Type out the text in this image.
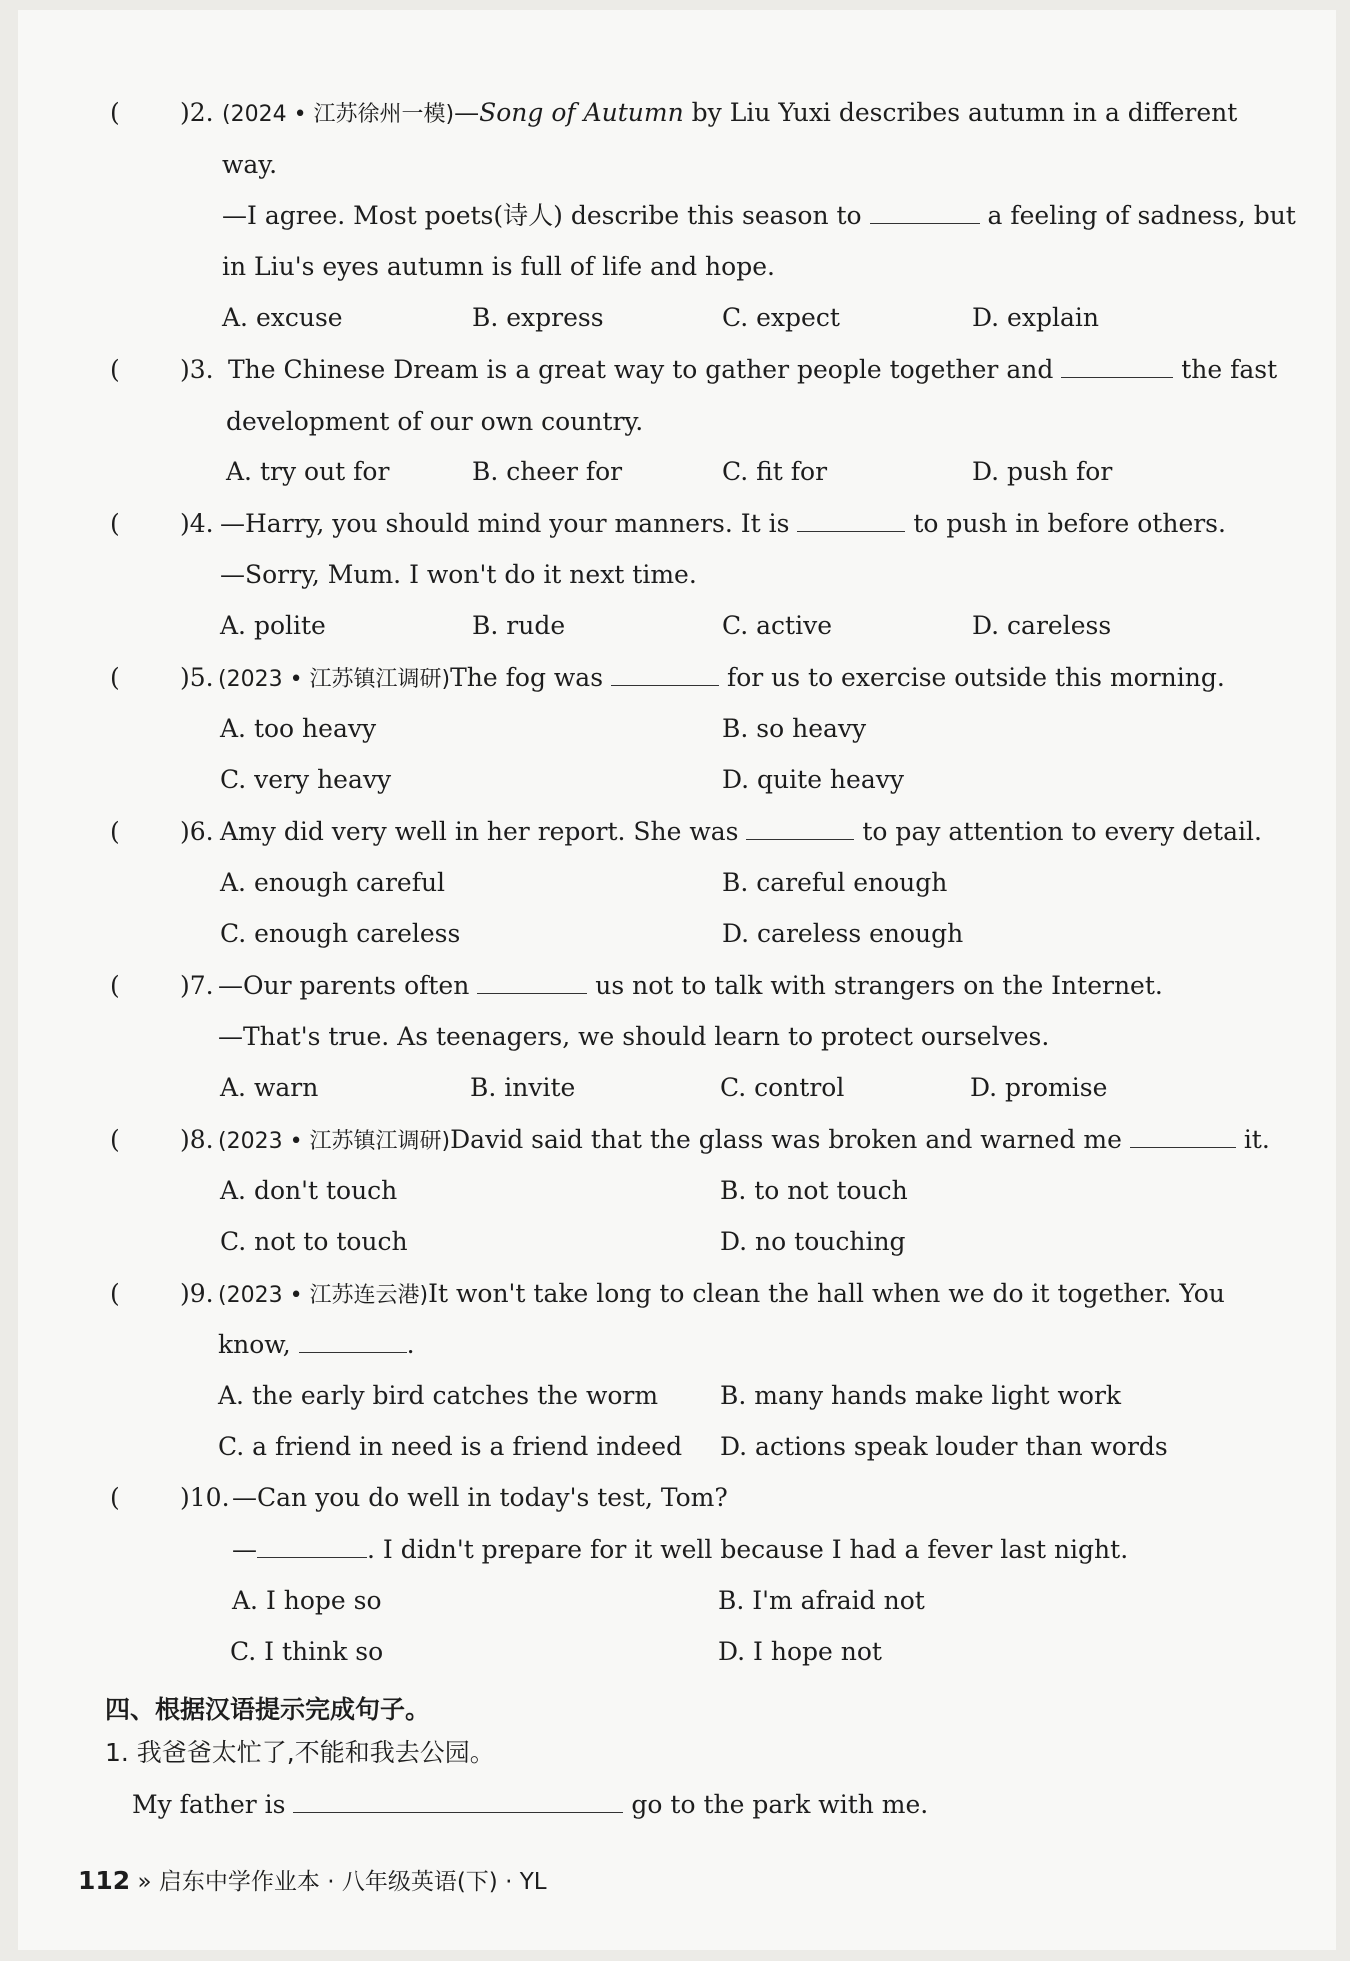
( )2. (2024 • 江苏徐州一模)—Song of Autumn by Liu Yuxi describes autumn in a different
way.
—I agree. Most poets(诗人) describe this season to	a feeling of sadness, but
in Liu's eyes autumn is full of life and hope.
A. excuse	B. express	C. expect	D. explain
( )3. The Chinese Dream is a great way to gather people together and	the fast
development of our own country.
A. try out for	B. cheer for	C. fit for	D. push for
( )4. —Harry, you should mind your manners. It is	to push in before others.
—Sorry, Mum. I won't do it next time.
A. polite	B. rude	C. active	D. careless
( )5. (2023 • 江苏镇江调研)The fog was	for us to exercise outside this morning.
A. too heavy	B. so heavy
C. very heavy	D. quite heavy
( )6. Amy did very well in her report. She was	to pay attention to every detail.
A. enough careful	B. careful enough
C. enough careless	D. careless enough
( )7. —Our parents often	us not to talk with strangers on the Internet.
—That's true. As teenagers, we should learn to protect ourselves.
A. warn	B. invite	C. control	D. promise
( )8. (2023 • 江苏镇江调研)David said that the glass was broken and warned me	it.
A. don't touch	B. to not touch
C. not to touch	D. no touching
( )9. (2023 • 江苏连云港)It won't take long to clean the hall when we do it together. You
know,	.
A. the early bird catches the worm B. many hands make light work
C. a friend in need is a friend indeed D. actions speak louder than words
( )10. —Can you do well in today's test, Tom?
—	. I didn't prepare for it well because I had a fever last night.
A. I hope so	B. I'm afraid not
C. I think so	D. I hope not
四、根据汉语提示完成句子。
1. 我爸爸太忙了,不能和我去公园。
My father is	go to the park with me.
112 » 启东中学作业本 · 八年级英语(下) · YL
